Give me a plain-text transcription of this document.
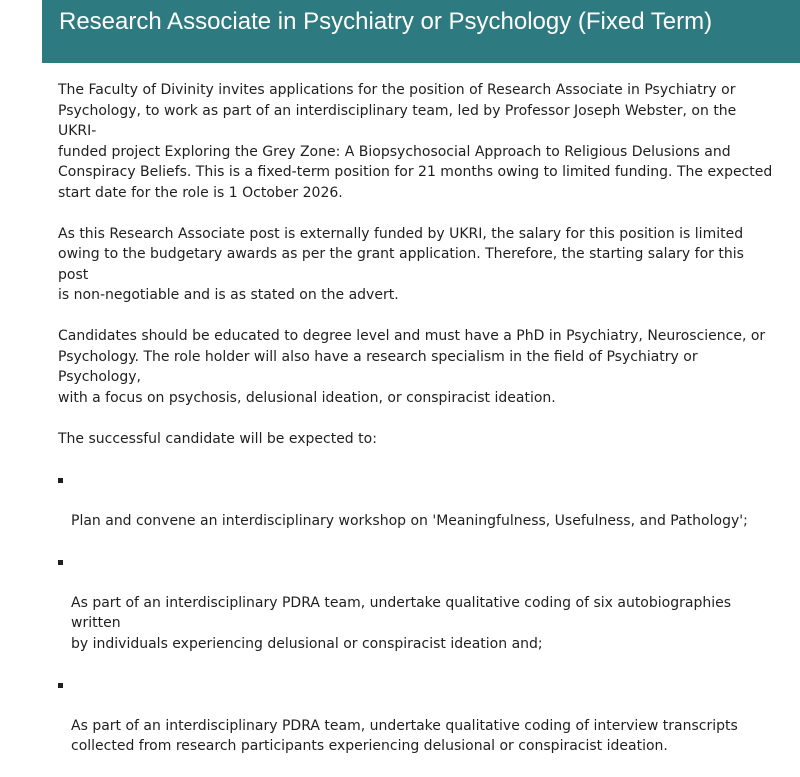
Research Associate in Psychiatry or Psychology (Fixed Term)

The Faculty of Divinity invites applications for the position of Research Associate in Psychiatry or
Psychology, to work as part of an interdisciplinary team, led by Professor Joseph Webster, on the UKRI-
funded project Exploring the Grey Zone: A Biopsychosocial Approach to Religious Delusions and
Conspiracy Beliefs. This is a fixed-term position for 21 months owing to limited funding. The expected
start date for the role is 1 October 2026.

As this Research Associate post is externally funded by UKRI, the salary for this position is limited
owing to the budgetary awards as per the grant application. Therefore, the starting salary for this post
is non-negotiable and is as stated on the advert.

Candidates should be educated to degree level and must have a PhD in Psychiatry, Neuroscience, or
Psychology. The role holder will also have a research specialism in the field of Psychiatry or Psychology,
with a focus on psychosis, delusional ideation, or conspiracist ideation.

The successful candidate will be expected to:

Plan and convene an interdisciplinary workshop on 'Meaningfulness, Usefulness, and Pathology';

As part of an interdisciplinary PDRA team, undertake qualitative coding of six autobiographies written
by individuals experiencing delusional or conspiracist ideation and;

As part of an interdisciplinary PDRA team, undertake qualitative coding of interview transcripts
collected from research participants experiencing delusional or conspiracist ideation.
